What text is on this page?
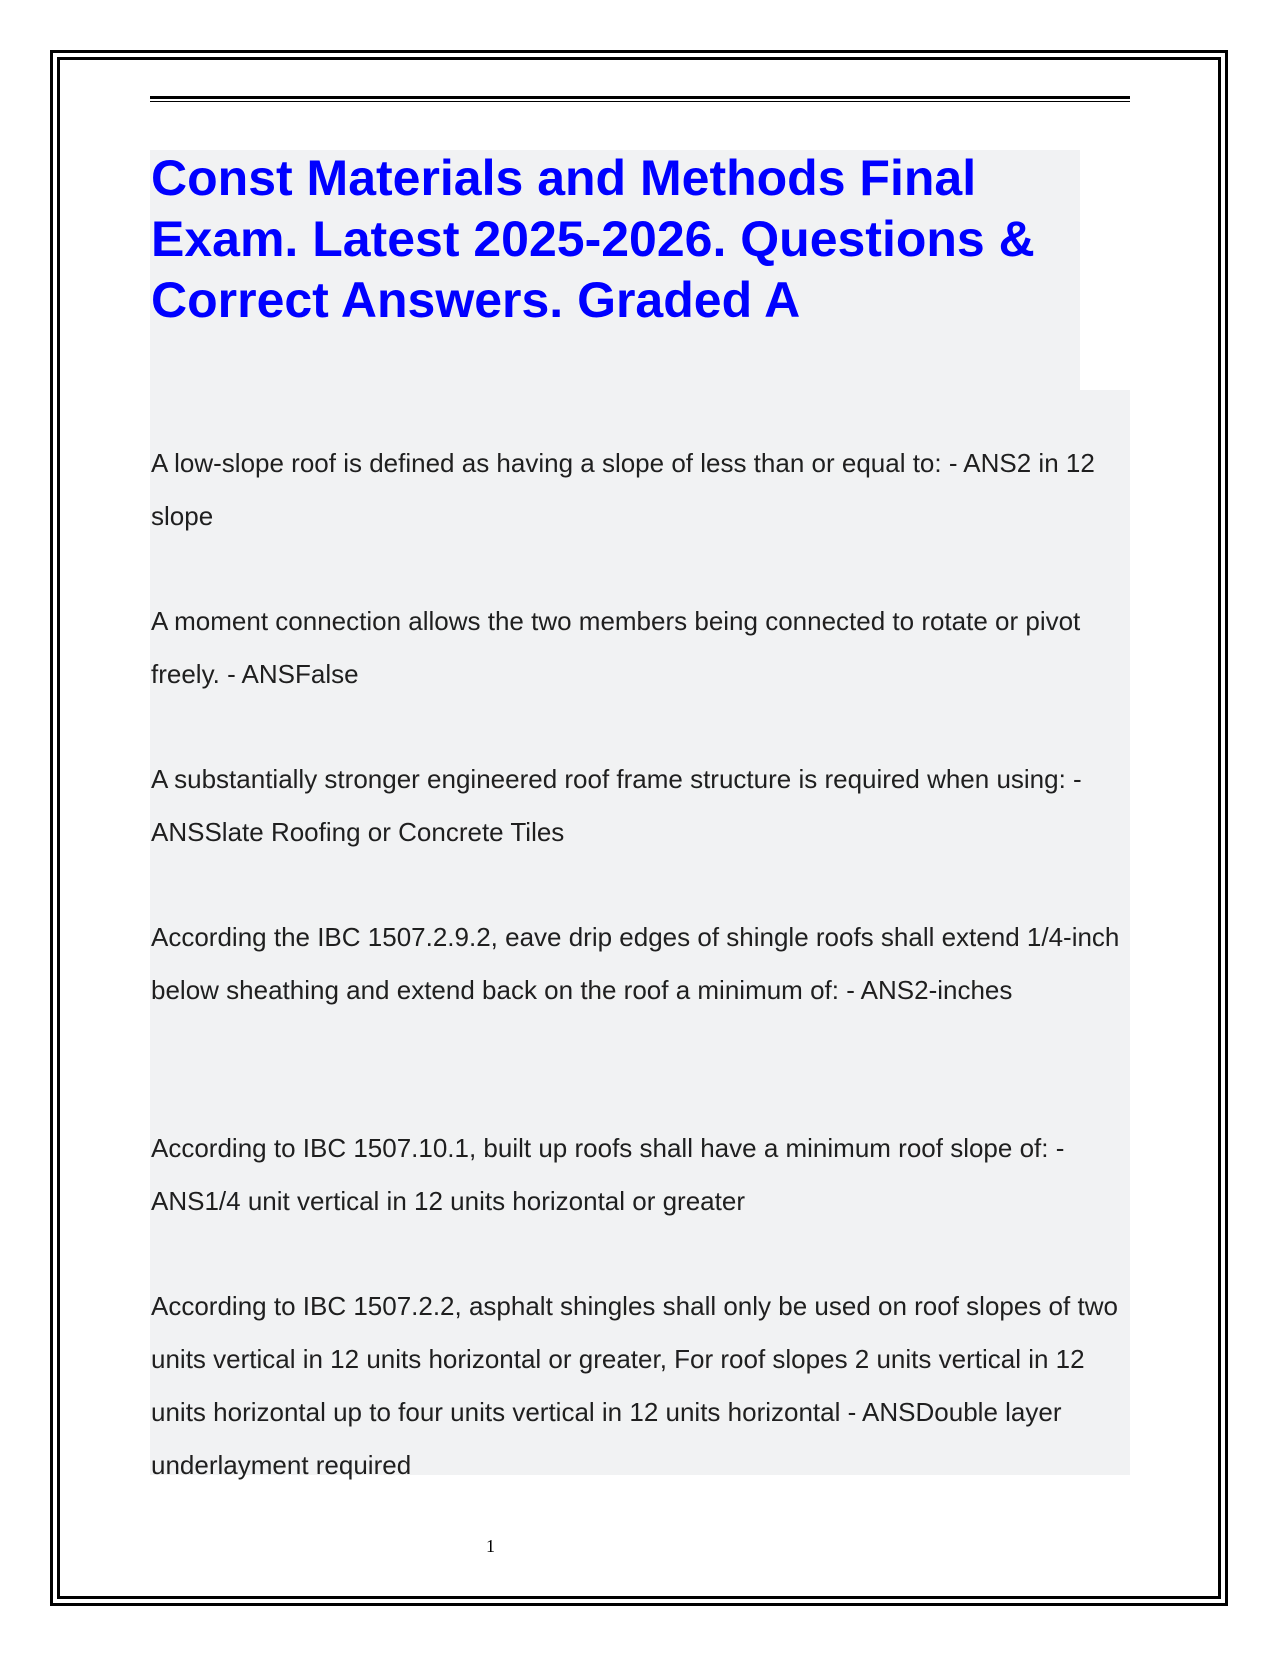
Const Materials and Methods Final Exam. Latest 2025-2026. Questions & Correct Answers. Graded A

A low-slope roof is defined as having a slope of less than or equal to: - ANS2 in 12 slope

A moment connection allows the two members being connected to rotate or pivot freely. - ANSFalse

A substantially stronger engineered roof frame structure is required when using: - ANSSlate Roofing or Concrete Tiles

According the IBC 1507.2.9.2, eave drip edges of shingle roofs shall extend 1/4-inch below sheathing and extend back on the roof a minimum of: - ANS2-inches

According to IBC 1507.10.1, built up roofs shall have a minimum roof slope of: - ANS1/4 unit vertical in 12 units horizontal or greater

According to IBC 1507.2.2, asphalt shingles shall only be used on roof slopes of two units vertical in 12 units horizontal or greater, For roof slopes 2 units vertical in 12 units horizontal up to four units vertical in 12 units horizontal - ANSDouble layer underlayment required

1
